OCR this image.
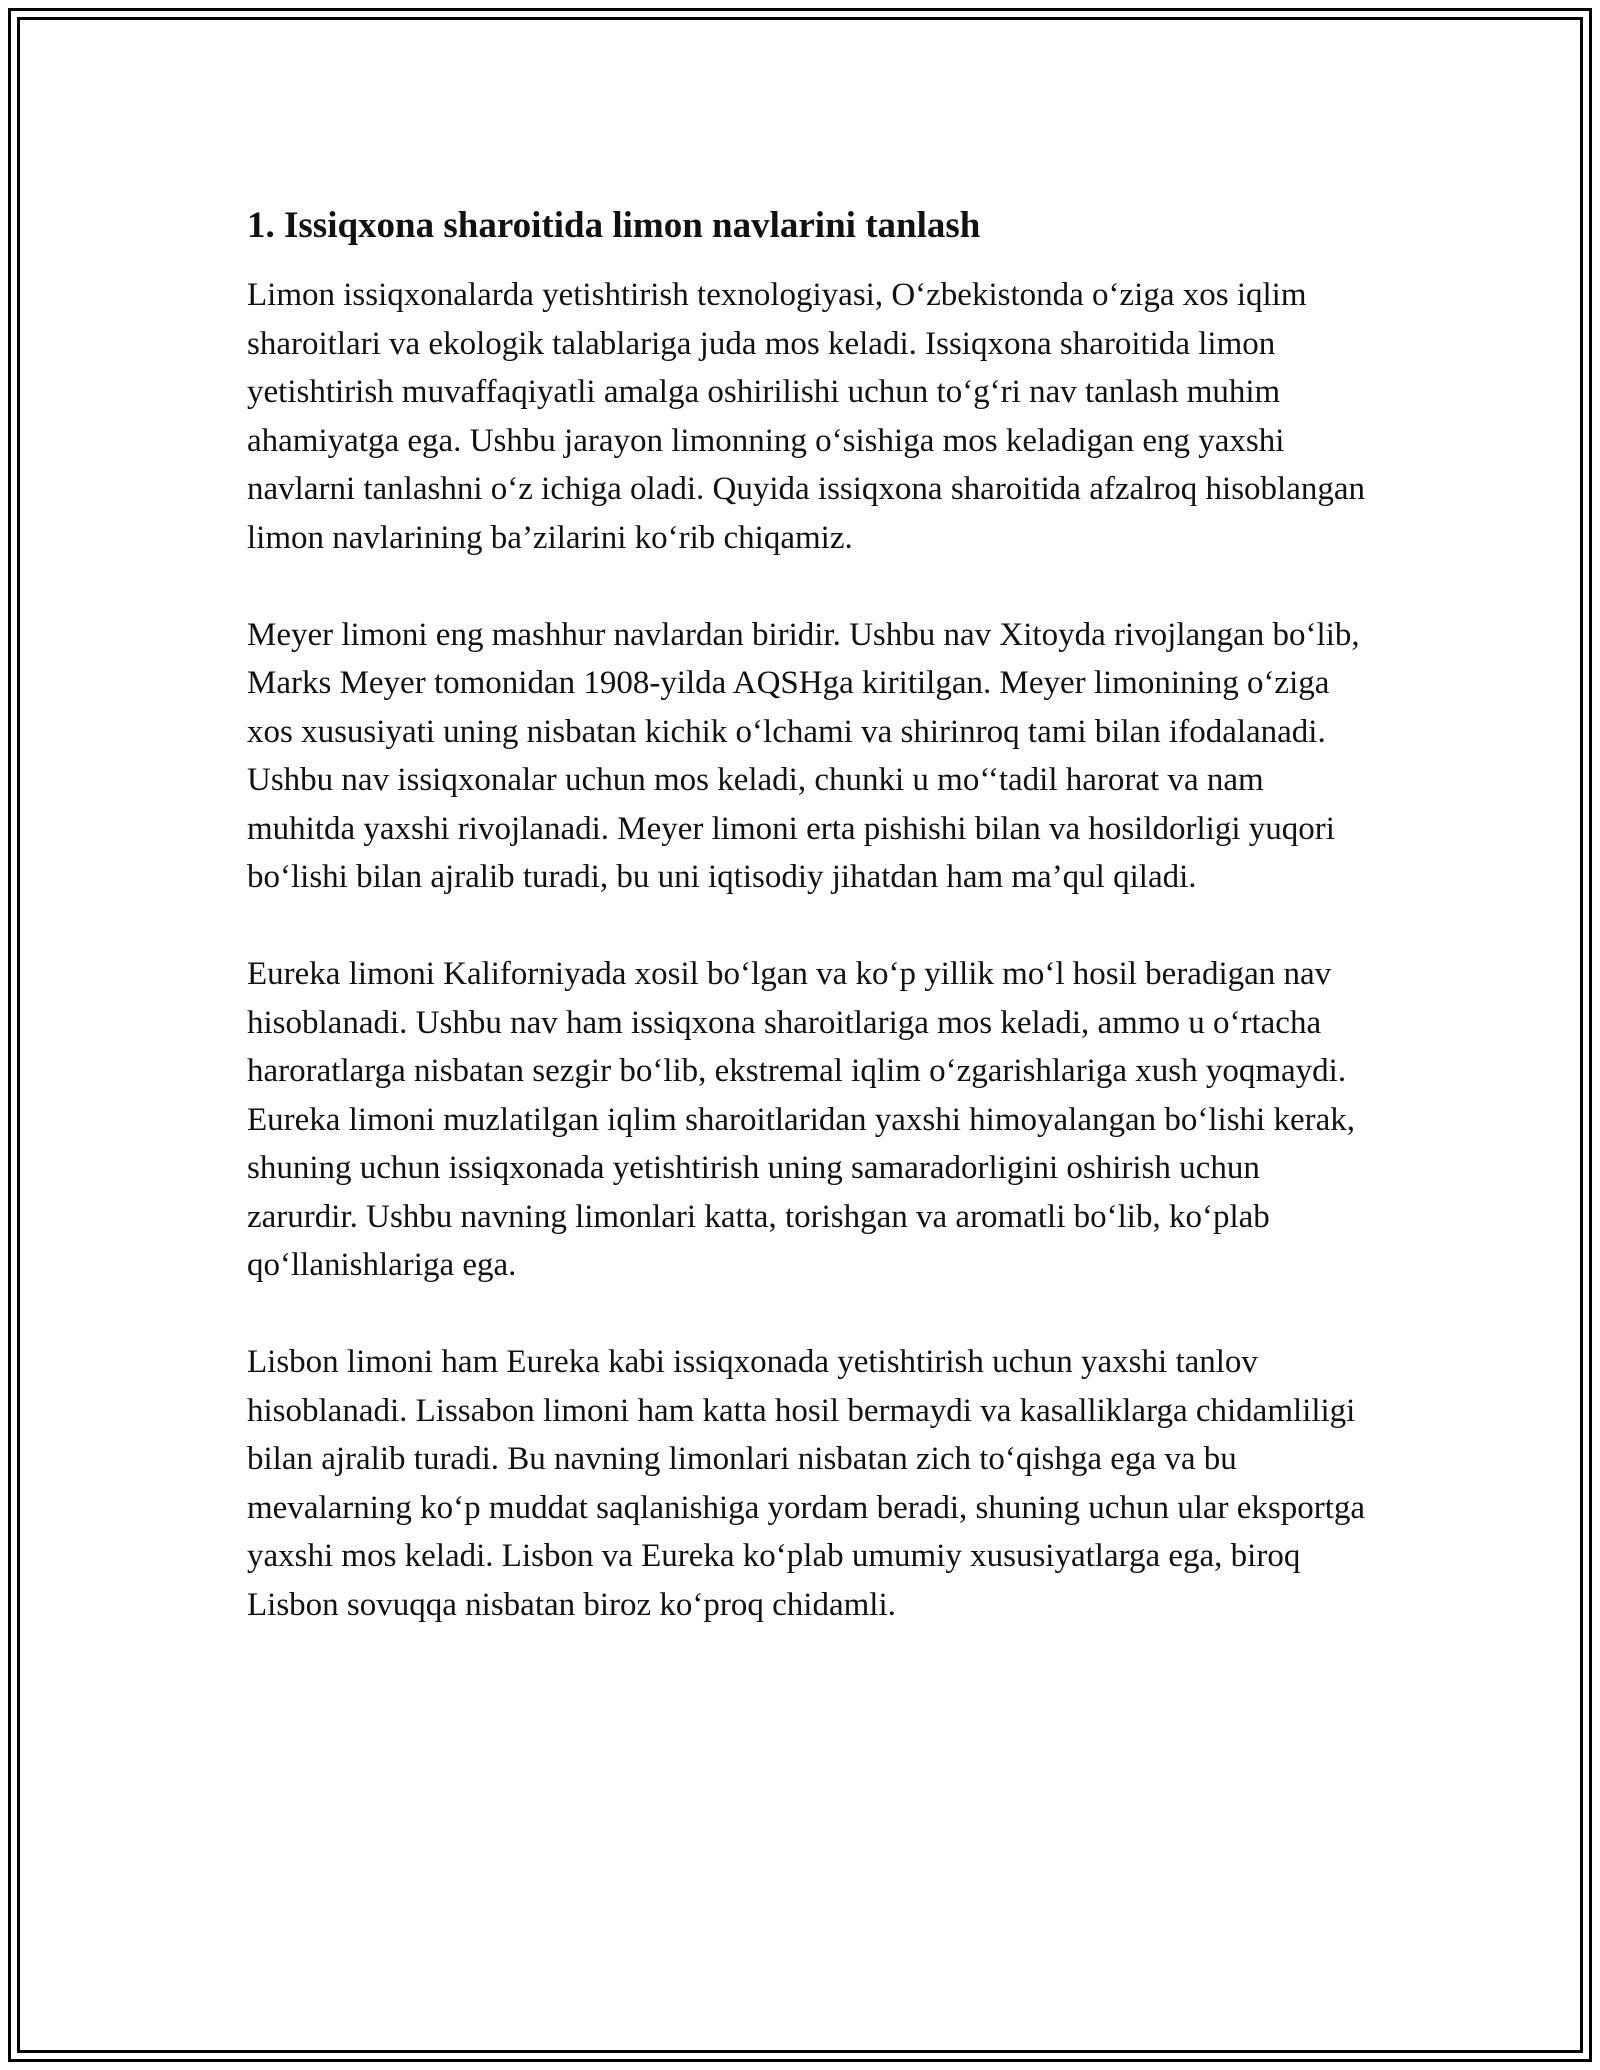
1. Issiqxona sharoitida limon navlarini tanlash

Limon issiqxonalarda yetishtirish texnologiyasi, O‘zbekistonda o‘ziga xos iqlim sharoitlari va ekologik talablariga juda mos keladi. Issiqxona sharoitida limon yetishtirish muvaffaqiyatli amalga oshirilishi uchun to‘g‘ri nav tanlash muhim ahamiyatga ega. Ushbu jarayon limonning o‘sishiga mos keladigan eng yaxshi navlarni tanlashni o‘z ichiga oladi. Quyida issiqxona sharoitida afzalroq hisoblangan limon navlarining ba’zilarini ko‘rib chiqamiz.

Meyer limoni eng mashhur navlardan biridir. Ushbu nav Xitoyda rivojlangan bo‘lib, Marks Meyer tomonidan 1908-yilda AQSHga kiritilgan. Meyer limonining o‘ziga xos xususiyati uning nisbatan kichik o‘lchami va shirinroq tami bilan ifodalanadi. Ushbu nav issiqxonalar uchun mos keladi, chunki u mo‘‘tadil harorat va nam muhitda yaxshi rivojlanadi. Meyer limoni erta pishishi bilan va hosildorligi yuqori bo‘lishi bilan ajralib turadi, bu uni iqtisodiy jihatdan ham ma’qul qiladi.

Eureka limoni Kaliforniyada xosil bo‘lgan va ko‘p yillik mo‘l hosil beradigan nav hisoblanadi. Ushbu nav ham issiqxona sharoitlariga mos keladi, ammo u o‘rtacha haroratlarga nisbatan sezgir bo‘lib, ekstremal iqlim o‘zgarishlariga xush yoqmaydi. Eureka limoni muzlatilgan iqlim sharoitlaridan yaxshi himoyalangan bo‘lishi kerak, shuning uchun issiqxonada yetishtirish uning samaradorligini oshirish uchun zarurdir. Ushbu navning limonlari katta, torishgan va aromatli bo‘lib, ko‘plab qo‘llanishlariga ega.

Lisbon limoni ham Eureka kabi issiqxonada yetishtirish uchun yaxshi tanlov hisoblanadi. Lissabon limoni ham katta hosil bermaydi va kasalliklarga chidamliligi bilan ajralib turadi. Bu navning limonlari nisbatan zich to‘qishga ega va bu mevalarning ko‘p muddat saqlanishiga yordam beradi, shuning uchun ular eksportga yaxshi mos keladi. Lisbon va Eureka ko‘plab umumiy xususiyatlarga ega, biroq Lisbon sovuqqa nisbatan biroz ko‘proq chidamli.
